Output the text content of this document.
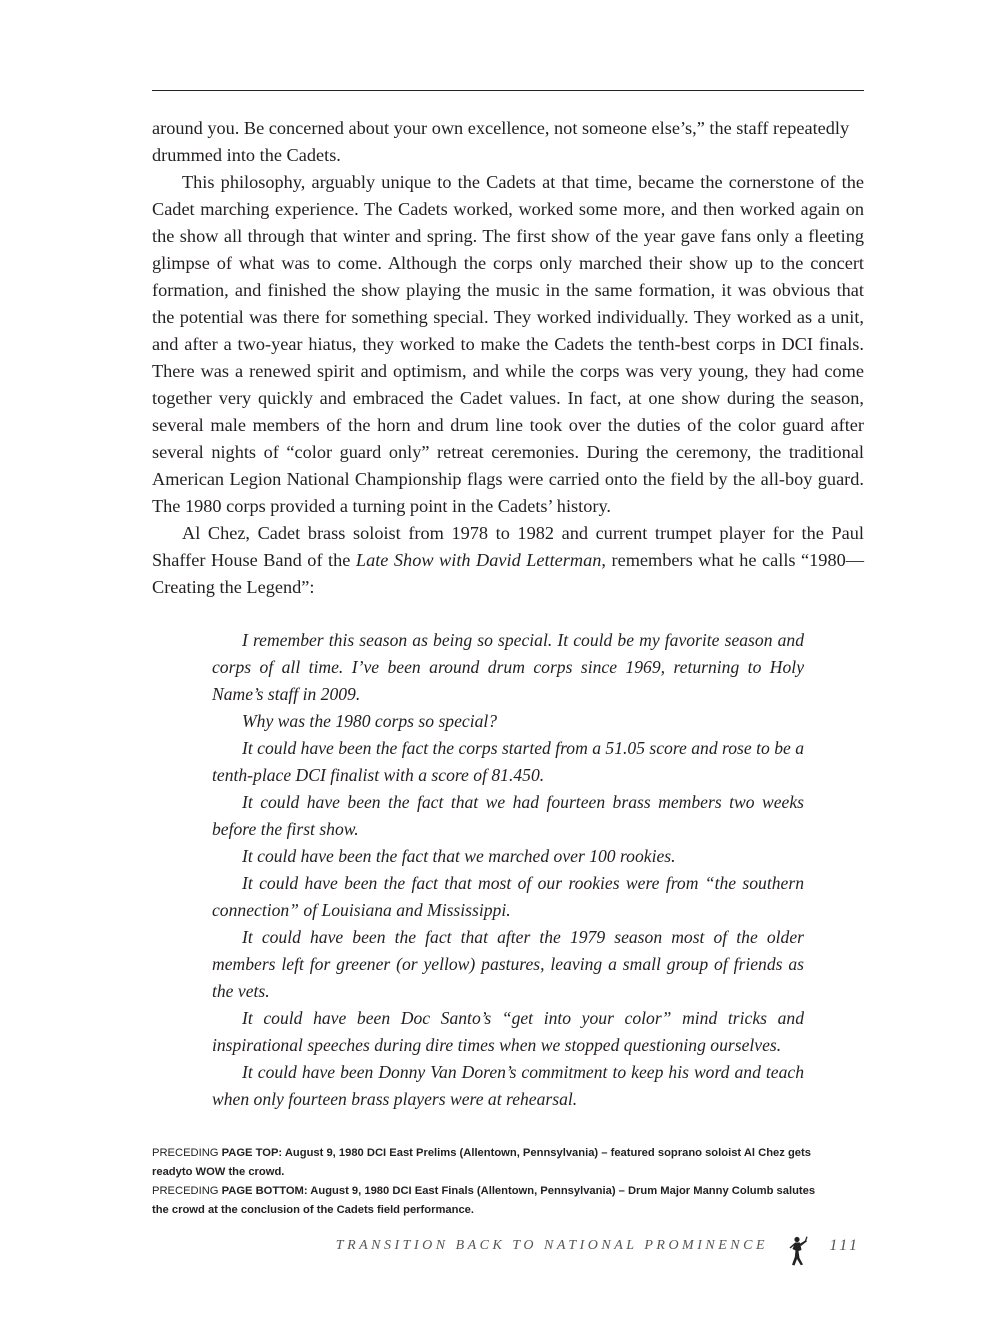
around you. Be concerned about your own excellence, not someone else’s,” the staff repeatedly drummed into the Cadets.

This philosophy, arguably unique to the Cadets at that time, became the cornerstone of the Cadet marching experience. The Cadets worked, worked some more, and then worked again on the show all through that winter and spring. The first show of the year gave fans only a fleeting glimpse of what was to come. Although the corps only marched their show up to the concert formation, and finished the show playing the music in the same formation, it was obvious that the potential was there for something special. They worked individually. They worked as a unit, and after a two-year hiatus, they worked to make the Cadets the tenth-best corps in DCI finals. There was a renewed spirit and optimism, and while the corps was very young, they had come together very quickly and embraced the Cadet values. In fact, at one show during the season, several male members of the horn and drum line took over the duties of the color guard after several nights of “color guard only” retreat ceremonies. During the ceremony, the traditional American Legion National Championship flags were carried onto the field by the all-boy guard. The 1980 corps provided a turning point in the Cadets’ history.

Al Chez, Cadet brass soloist from 1978 to 1982 and current trumpet player for the Paul Shaffer House Band of the Late Show with David Letterman, remembers what he calls “1980—Creating the Legend”:

I remember this season as being so special. It could be my favorite season and corps of all time. I’ve been around drum corps since 1969, returning to Holy Name’s staff in 2009.

Why was the 1980 corps so special?

It could have been the fact the corps started from a 51.05 score and rose to be a tenth-place DCI finalist with a score of 81.450.

It could have been the fact that we had fourteen brass members two weeks before the first show.

It could have been the fact that we marched over 100 rookies.

It could have been the fact that most of our rookies were from “the southern connection” of Louisiana and Mississippi.

It could have been the fact that after the 1979 season most of the older members left for greener (or yellow) pastures, leaving a small group of friends as the vets.

It could have been Doc Santo’s “get into your color” mind tricks and inspirational speeches during dire times when we stopped questioning ourselves.

It could have been Donny Van Doren’s commitment to keep his word and teach when only fourteen brass players were at rehearsal.

PRECEDING PAGE TOP: August 9, 1980 DCI East Prelims (Allentown, Pennsylvania) – featured soprano soloist Al Chez gets readyto WOW the crowd.

PRECEDING PAGE BOTTOM: August 9, 1980 DCI East Finals (Allentown, Pennsylvania) – Drum Major Manny Columb salutes the crowd at the conclusion of the Cadets field performance.

TRANSITION BACK TO NATIONAL PROMINENCE	111
